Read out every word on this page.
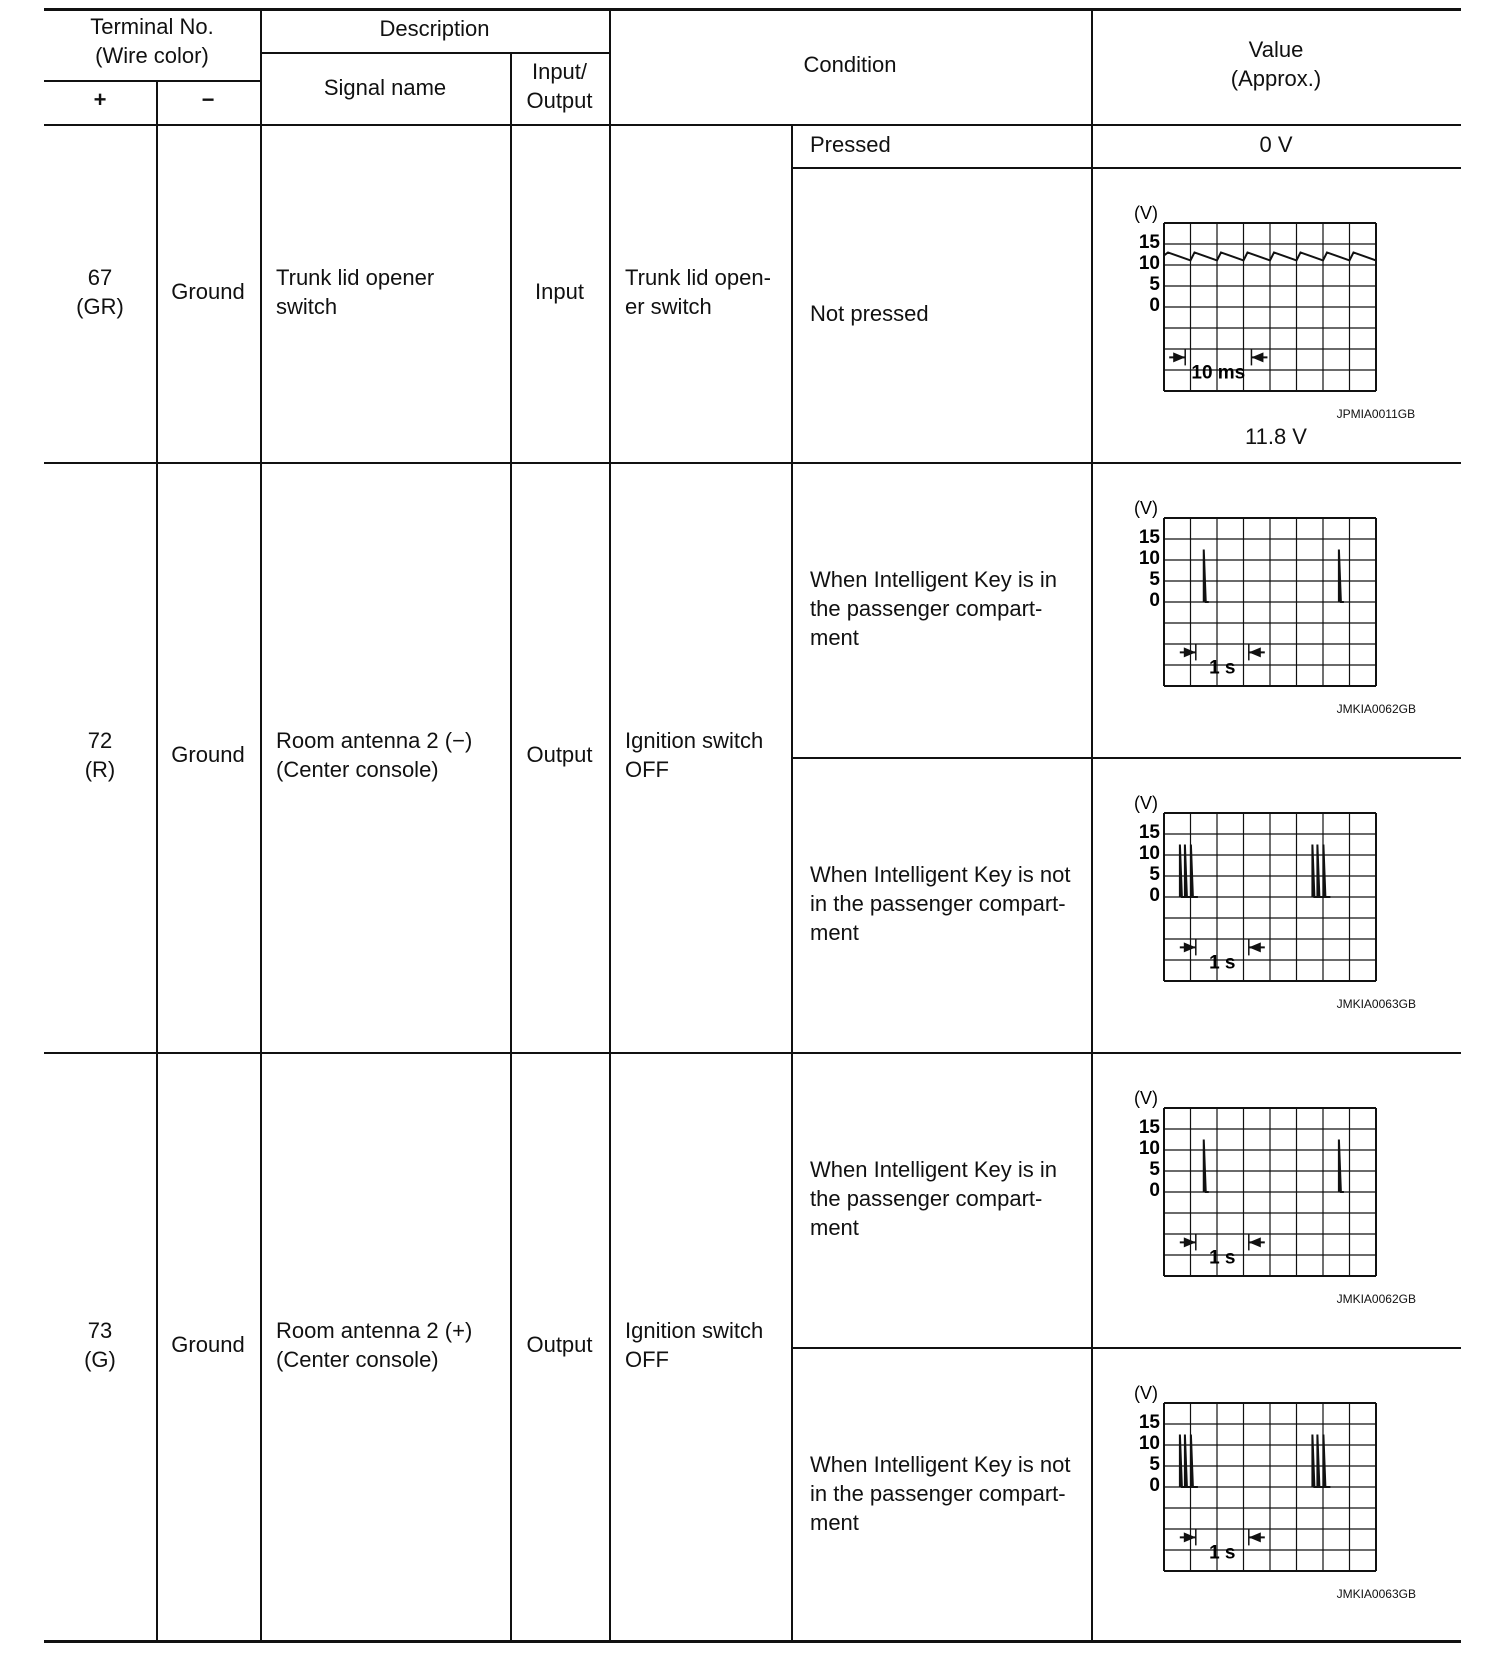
Terminal No.
(Wire color)
+	−
Description
Signal name
Input/
Output
Condition
Value
(Approx.)
67
(GR)
Ground
Trunk lid opener
switch
Input
Trunk lid open-
er switch
Pressed	0 V
Not pressed
72
(R)
Ground
Room antenna 2 (−)
(Center console)
Output
Ignition switch
OFF
When Intelligent Key is in
the passenger compart-
ment
When Intelligent Key is not
in the passenger compart-
ment
73
(G)
Ground
Room antenna 2 (+)
(Center console)
Output
Ignition switch
OFF
When Intelligent Key is in
the passenger compart-
ment
When Intelligent Key is not
in the passenger compart-
ment
(V)
15
10
5
0
10 ms
JPMIA0011GB
(V)
15
10
5
0
1 s
JMKIA0062GB
(V)
15
10
5
0
1 s
JMKIA0063GB
(V)
15
10
5
0
1 s
JMKIA0062GB
(V)
15
10
5
0
1 s
JMKIA0063GB
11.8 V
